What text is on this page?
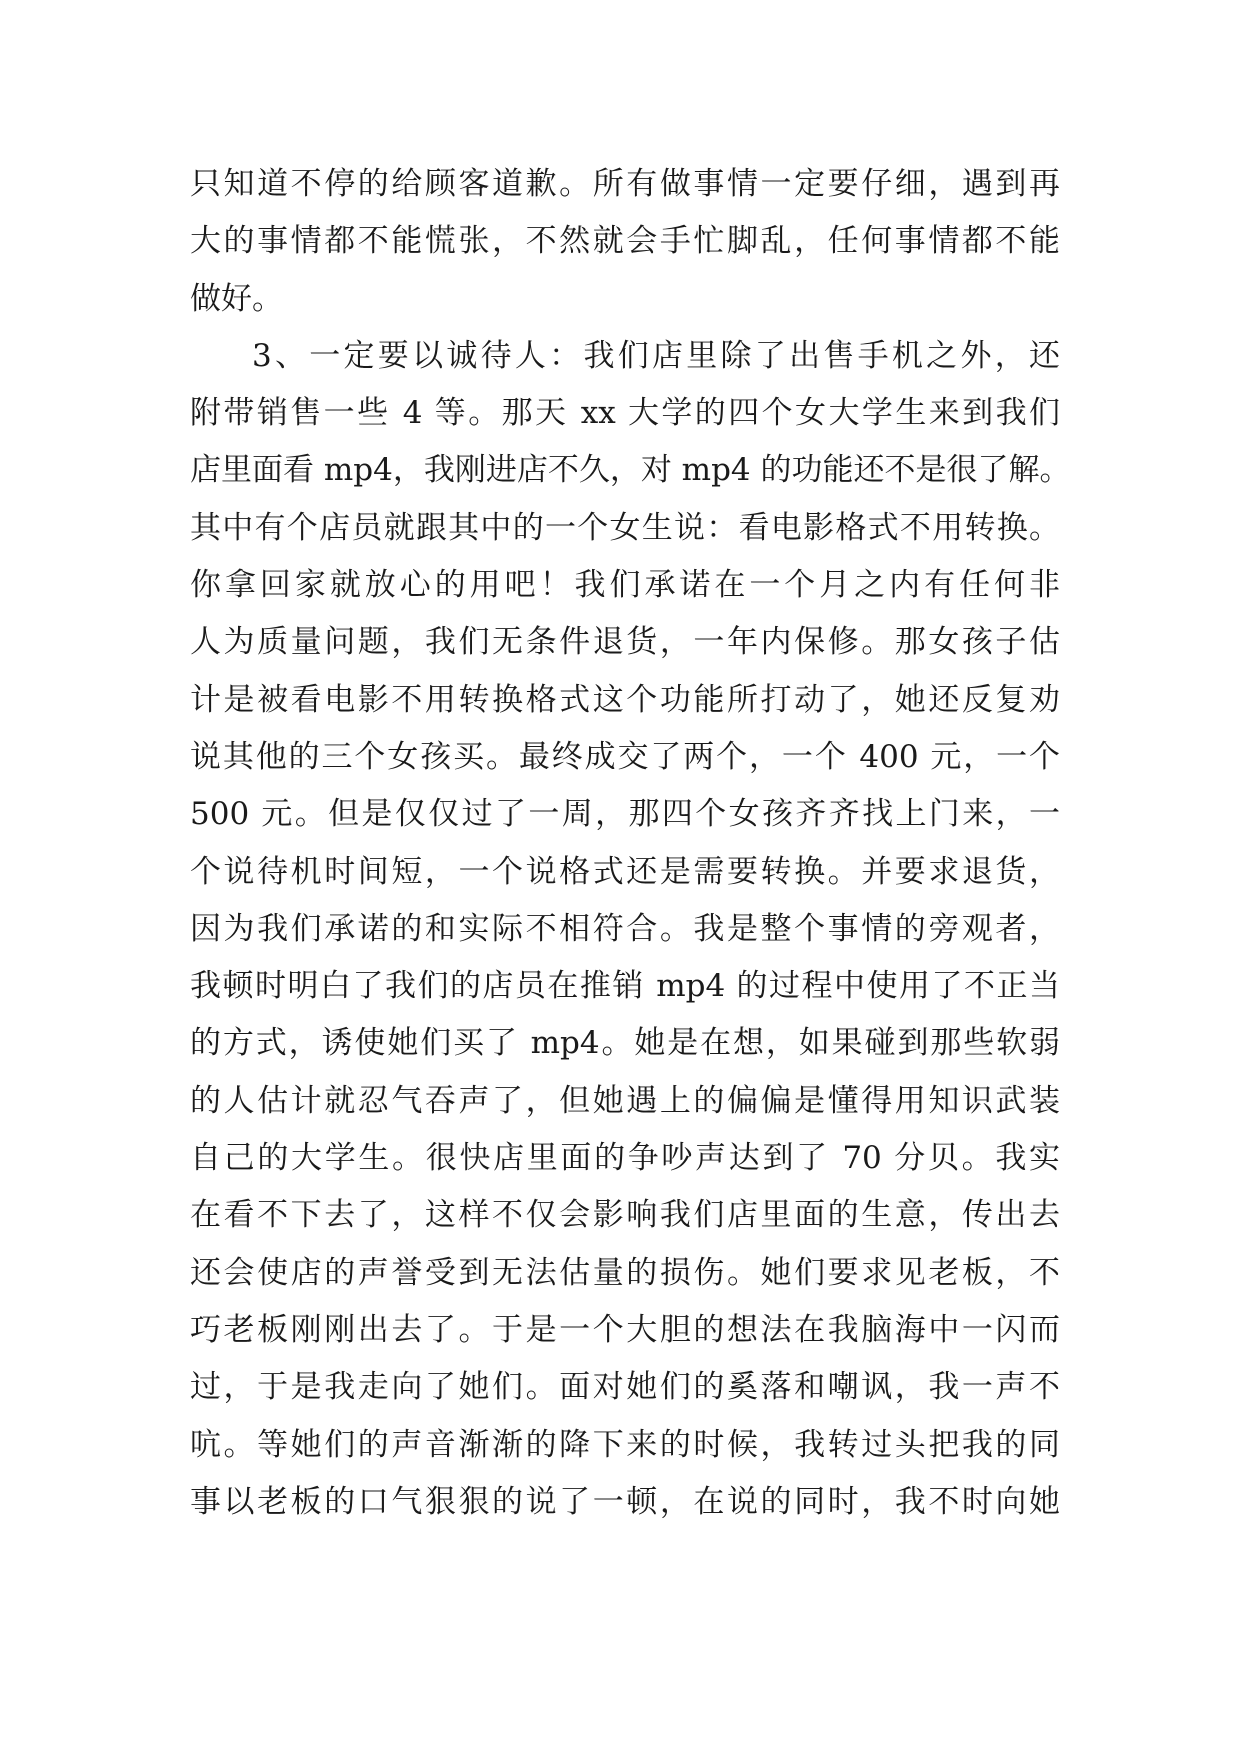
只知道不停的给顾客道歉。所有做事情一定要仔细，遇到再
大的事情都不能慌张，不然就会手忙脚乱，任何事情都不能
做好。
3、一定要以诚待人：我们店里除了出售手机之外，还
附带销售一些 4 等。那天 xx 大学的四个女大学生来到我们
店里面看 mp4，我刚进店不久，对 mp4 的功能还不是很了解。
其中有个店员就跟其中的一个女生说：看电影格式不用转换。
你拿回家就放心的用吧！我们承诺在一个月之内有任何非
人为质量问题，我们无条件退货，一年内保修。那女孩子估
计是被看电影不用转换格式这个功能所打动了，她还反复劝
说其他的三个女孩买。最终成交了两个，一个 400 元，一个
500 元。但是仅仅过了一周，那四个女孩齐齐找上门来，一
个说待机时间短，一个说格式还是需要转换。并要求退货，
因为我们承诺的和实际不相符合。我是整个事情的旁观者，
我顿时明白了我们的店员在推销 mp4 的过程中使用了不正当
的方式，诱使她们买了 mp4。她是在想，如果碰到那些软弱
的人估计就忍气吞声了，但她遇上的偏偏是懂得用知识武装
自己的大学生。很快店里面的争吵声达到了 70 分贝。我实
在看不下去了，这样不仅会影响我们店里面的生意，传出去
还会使店的声誉受到无法估量的损伤。她们要求见老板，不
巧老板刚刚出去了。于是一个大胆的想法在我脑海中一闪而
过，于是我走向了她们。面对她们的奚落和嘲讽，我一声不
吭。等她们的声音渐渐的降下来的时候，我转过头把我的同
事以老板的口气狠狠的说了一顿，在说的同时，我不时向她
